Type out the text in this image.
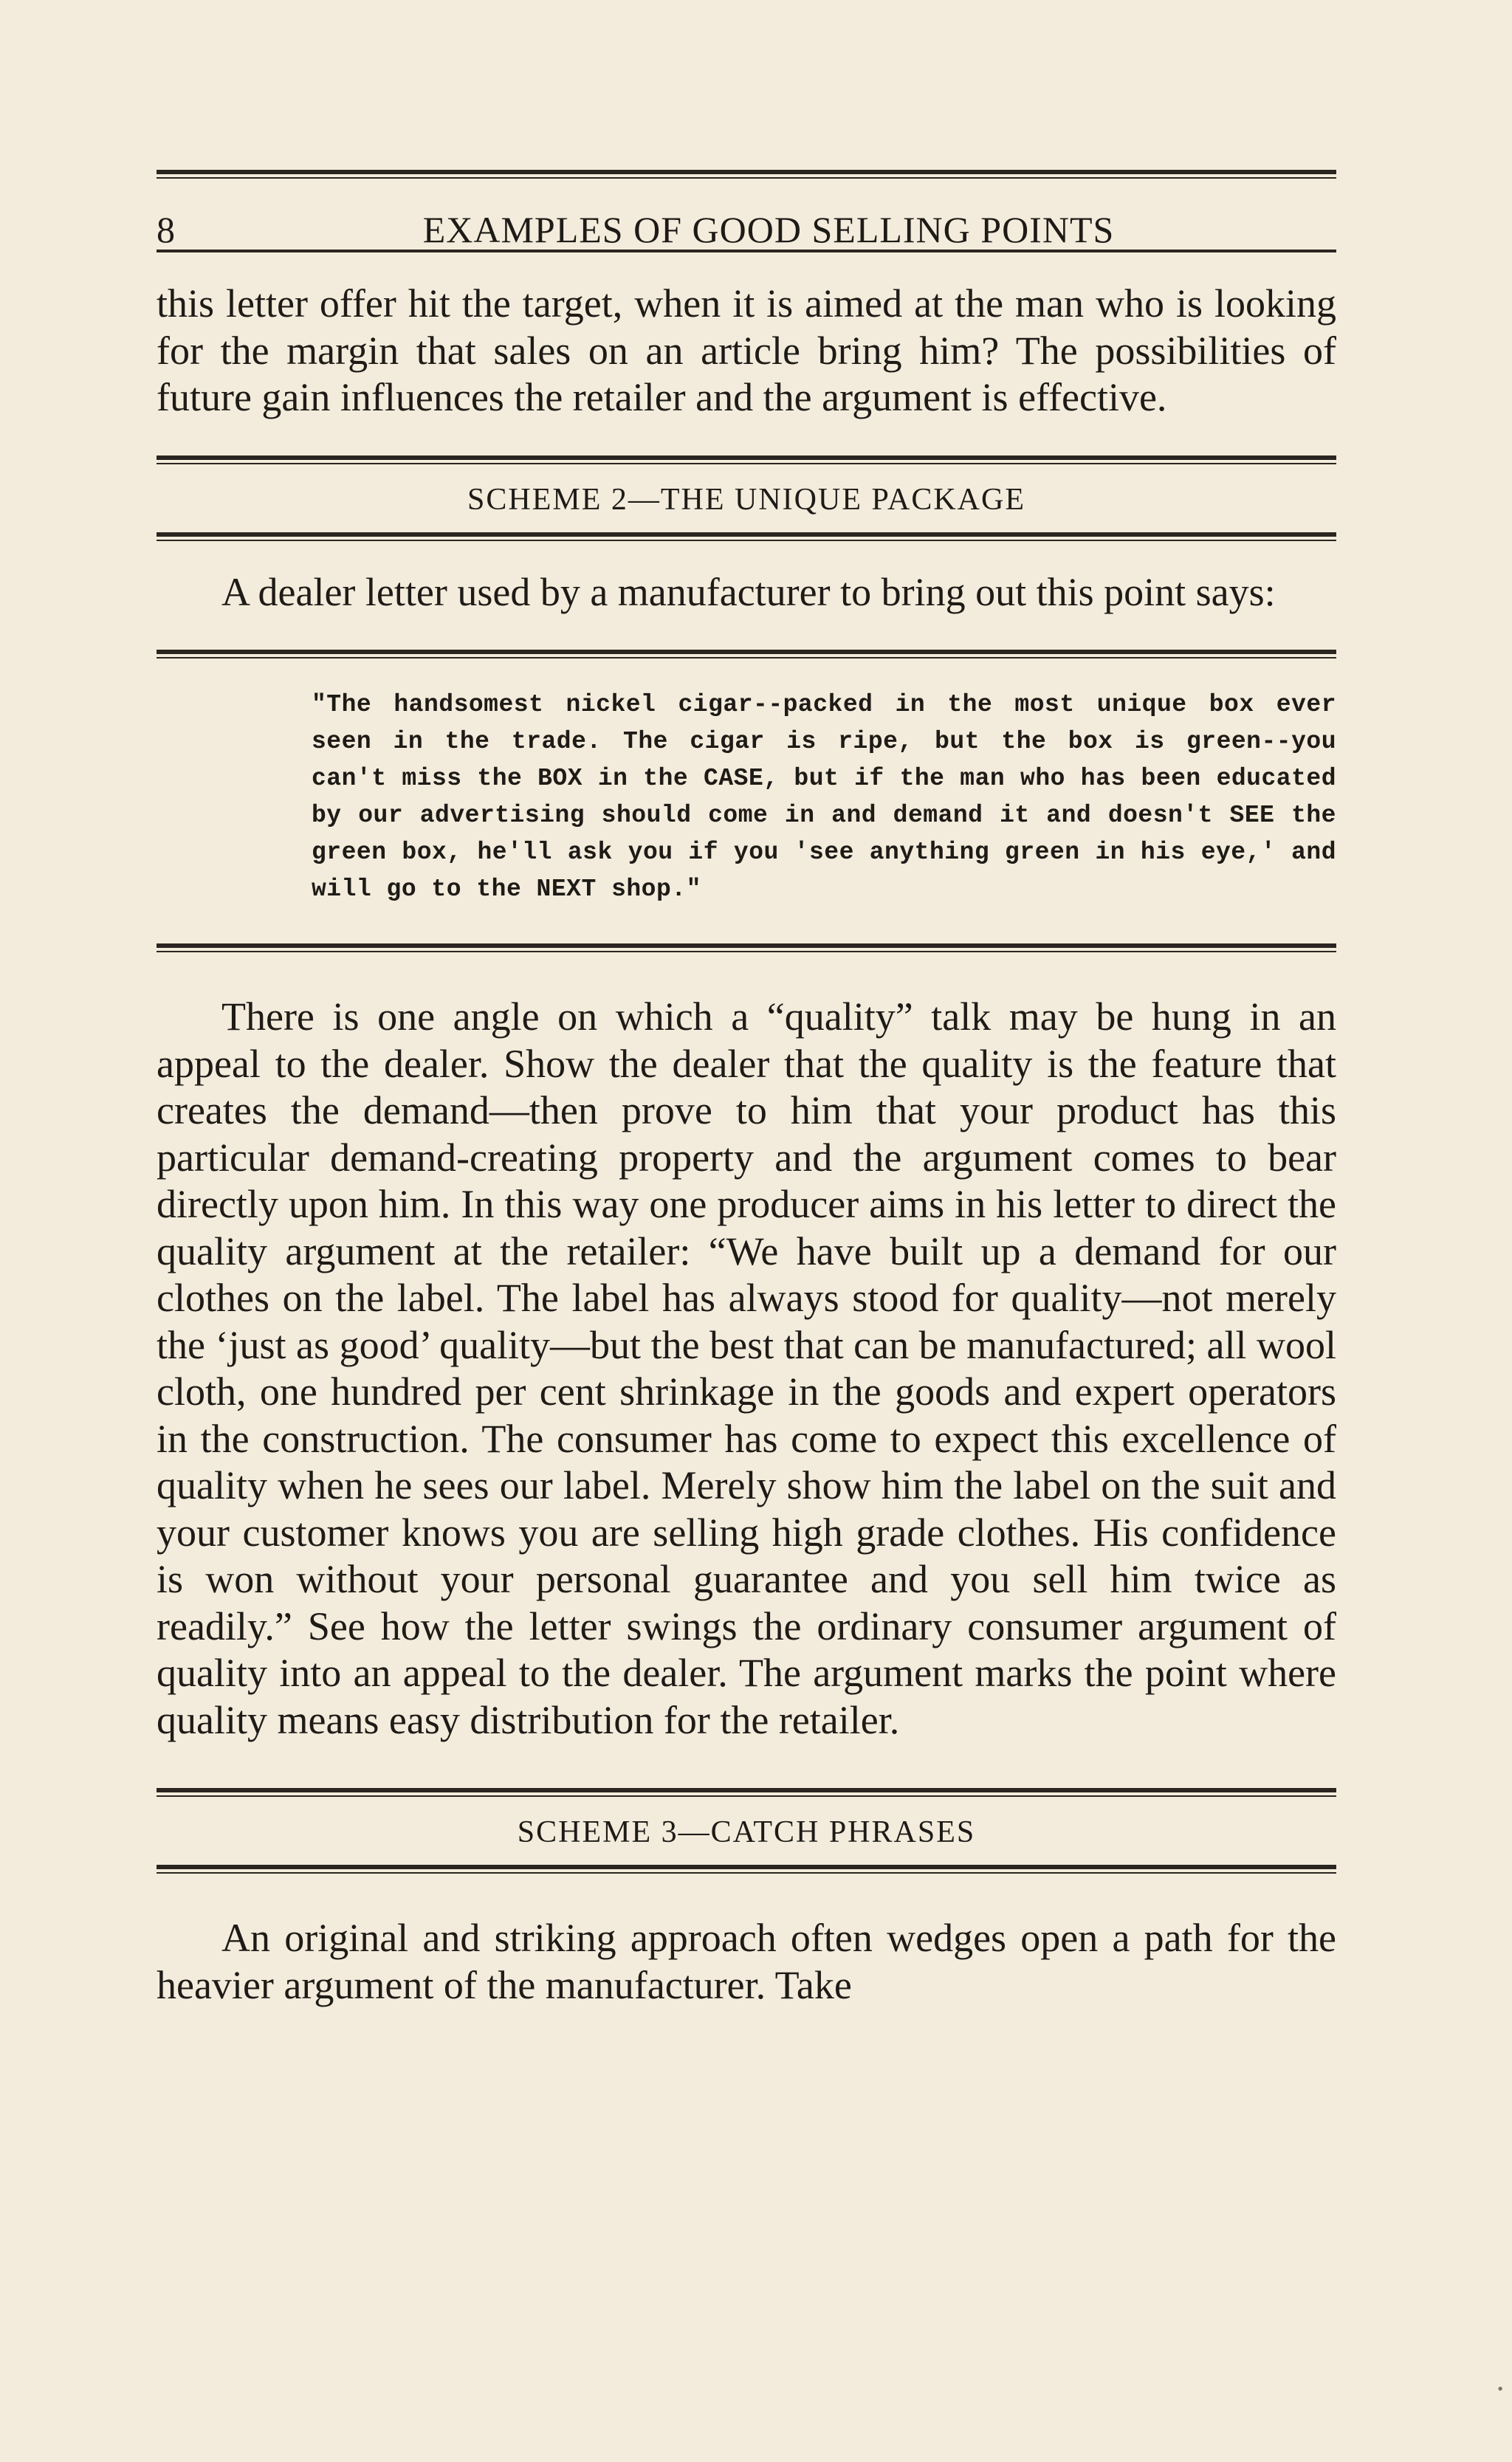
8	EXAMPLES OF GOOD SELLING POINTS

this letter offer hit the target, when it is aimed at the man who is looking for the margin that sales on an article bring him? The possibilities of future gain influences the retailer and the argument is effective.

SCHEME 2—THE UNIQUE PACKAGE

A dealer letter used by a manufacturer to bring out this point says:

"The handsomest nickel cigar--packed in the most unique box ever seen in the trade. The cigar is ripe, but the box is green--you can't miss the BOX in the CASE, but if the man who has been educated by our advertising should come in and demand it and doesn't SEE the green box, he'll ask you if you 'see anything green in his eye,' and will go to the NEXT shop."

There is one angle on which a “quality” talk may be hung in an appeal to the dealer. Show the dealer that the quality is the feature that creates the demand—then prove to him that your product has this particular demand-creating property and the argument comes to bear directly upon him. In this way one producer aims in his letter to direct the quality argument at the retailer: “We have built up a demand for our clothes on the label. The label has always stood for quality—not merely the ‘just as good’ quality—but the best that can be manufactured; all wool cloth, one hundred per cent shrinkage in the goods and expert operators in the construction. The consumer has come to expect this excellence of quality when he sees our label. Merely show him the label on the suit and your customer knows you are selling high grade clothes. His confidence is won without your personal guarantee and you sell him twice as readily.” See how the letter swings the ordinary consumer argument of quality into an appeal to the dealer. The argument marks the point where quality means easy distribution for the retailer.

SCHEME 3—CATCH PHRASES

An original and striking approach often wedges open a path for the heavier argument of the manufacturer. Take

•
